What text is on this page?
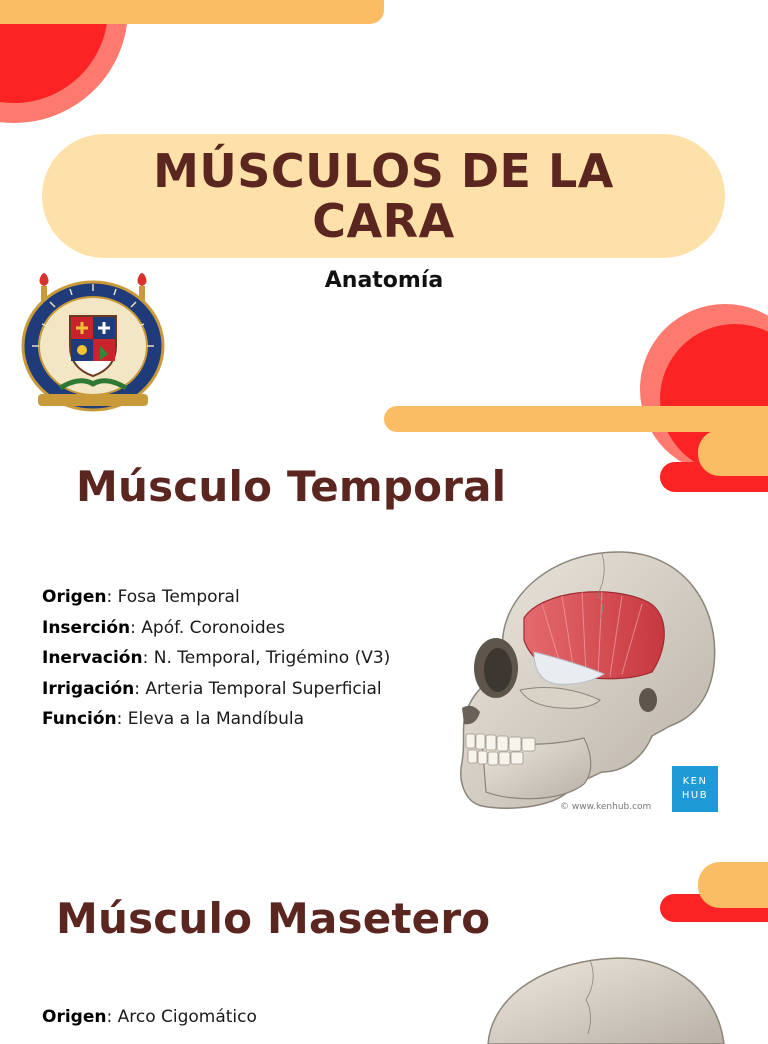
MÚSCULOS DE LA CARA
Anatomía
Músculo Temporal
Origen: Fosa Temporal
Inserción: Apóf. Coronoides
Inervación: N. Temporal, Trigémino (V3)
Irrigación: Arteria Temporal Superficial
Función: Eleva a la Mandíbula
KEN
HUB
© www.kenhub.com
Músculo Masetero
Origen: Arco Cigomático
